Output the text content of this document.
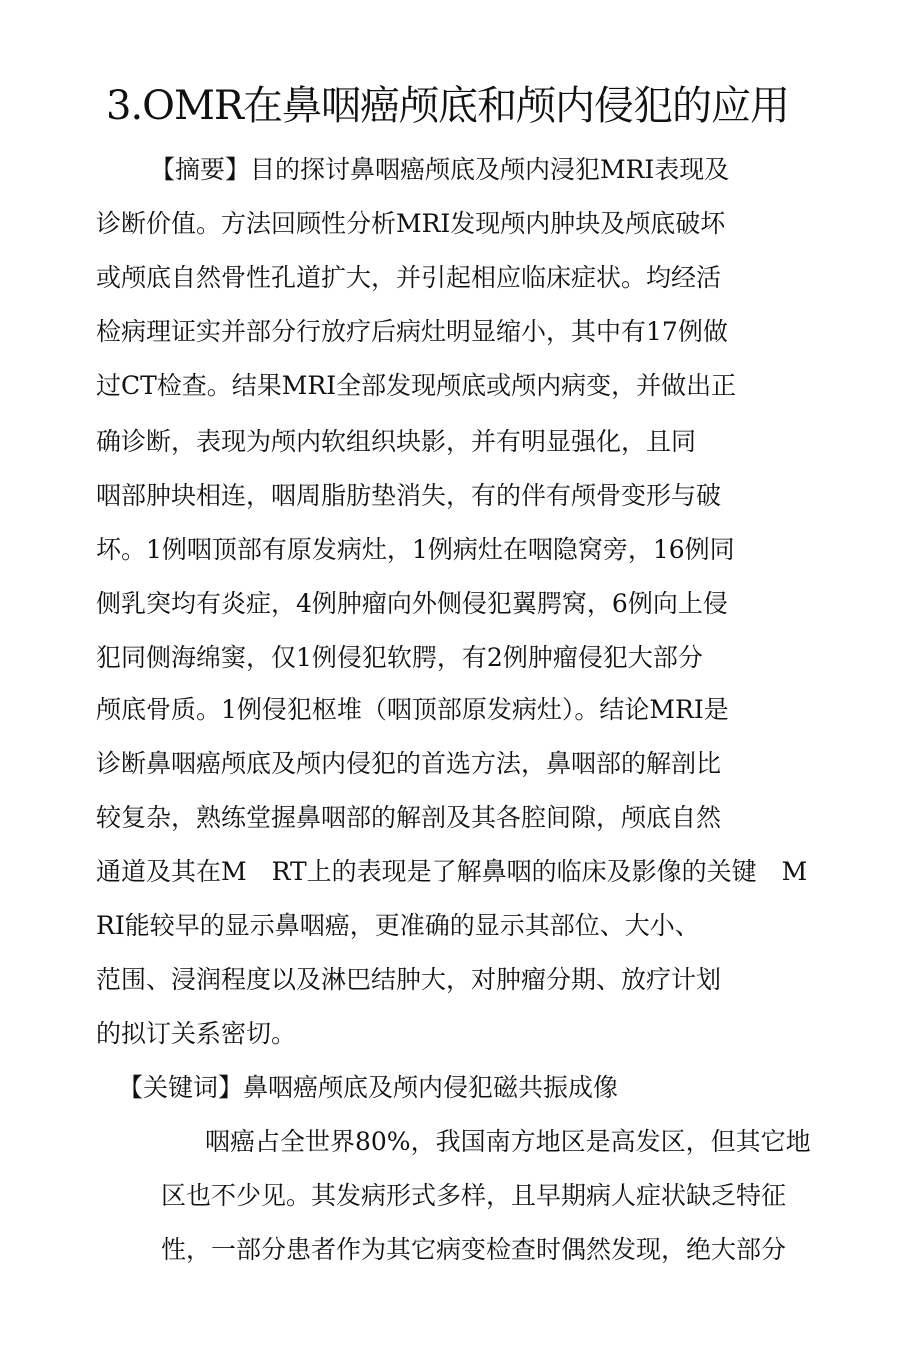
3.OMR在鼻咽癌颅底和颅内侵犯的应用
【摘要】目的探讨鼻咽癌颅底及颅内浸犯MRI表现及
诊断价值。方法回顾性分析MRI发现颅内肿块及颅底破坏
或颅底自然骨性孔道扩大，并引起相应临床症状。均经活
检病理证实并部分行放疗后病灶明显缩小，其中有17例做
过CT检查。结果MRI全部发现颅底或颅内病变，并做出正
确诊断，表现为颅内软组织块影，并有明显强化，且同
咽部肿块相连，咽周脂肪垫消失，有的伴有颅骨变形与破
坏。1例咽顶部有原发病灶，1例病灶在咽隐窝旁，16例同
侧乳突均有炎症，4例肿瘤向外侧侵犯翼腭窝，6例向上侵
犯同侧海绵窦，仅1例侵犯软腭，有2例肿瘤侵犯大部分
颅底骨质。1例侵犯枢堆（咽顶部原发病灶）。结论MRI是
诊断鼻咽癌颅底及颅内侵犯的首选方法，鼻咽部的解剖比
较复杂，熟练堂握鼻咽部的解剖及其各腔间隙，颅底自然
通道及其在M　RT上的表现是了解鼻咽的临床及影像的关键　M
RI能较早的显示鼻咽癌，更准确的显示其部位、大小、
范围、浸润程度以及淋巴结肿大，对肿瘤分期、放疗计划
的拟订关系密切。
【关键词】鼻咽癌颅底及颅内侵犯磁共振成像
咽癌占全世界80%，我国南方地区是高发区，但其它地
区也不少见。其发病形式多样，且早期病人症状缺乏特征
性，一部分患者作为其它病变检查时偶然发现，绝大部分
